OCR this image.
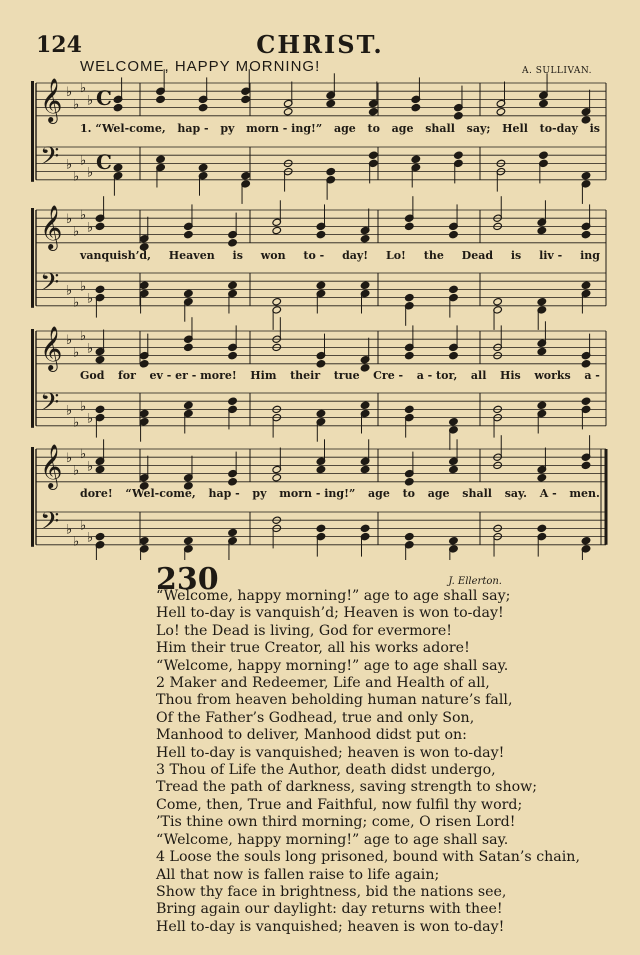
124	CHRIST.
WELCOME, HAPPY MORNING!	A. SULLIVAN.
𝄞 ♭
♭
♭
♭ C
𝄢 ♭
♭
♭
♭ C
𝄞 ♭
♭
♭
♭
𝄢 ♭
♭
♭
♭
𝄞 ♭
♭
♭
♭
𝄢 ♭
♭
♭
♭
𝄞 ♭
♭
♭
♭
𝄢 ♭
♭
♭
♭
1. “Wel-come, hap - py morn - ing!” age to age shall say; Hell to-day is
vanquish’d, Heaven is won to - day! Lo! the Dead is liv - ing
God for ev - er - more! Him their true Cre - a - tor, all His works a -
dore! “Wel-come, hap - py morn - ing!” age to age shall say. A - men.
230	J. Ellerton.
“Welcome, happy morning!” age to age shall say;
Hell to-day is vanquish’d; Heaven is won to-day!
Lo! the Dead is living, God for evermore!
Him their true Creator, all his works adore!
“Welcome, happy morning!” age to age shall say.
2 Maker and Redeemer, Life and Health of all,
Thou from heaven beholding human nature’s fall,
Of the Father’s Godhead, true and only Son,
Manhood to deliver, Manhood didst put on:
Hell to-day is vanquished; heaven is won to-day!
3 Thou of Life the Author, death didst undergo,
Tread the path of darkness, saving strength to show;
Come, then, True and Faithful, now fulfil thy word;
’Tis thine own third morning; come, O risen Lord!
“Welcome, happy morning!” age to age shall say.
4 Loose the souls long prisoned, bound with Satan’s chain,
All that now is fallen raise to life again;
Show thy face in brightness, bid the nations see,
Bring again our daylight: day returns with thee!
Hell to-day is vanquished; heaven is won to-day!
